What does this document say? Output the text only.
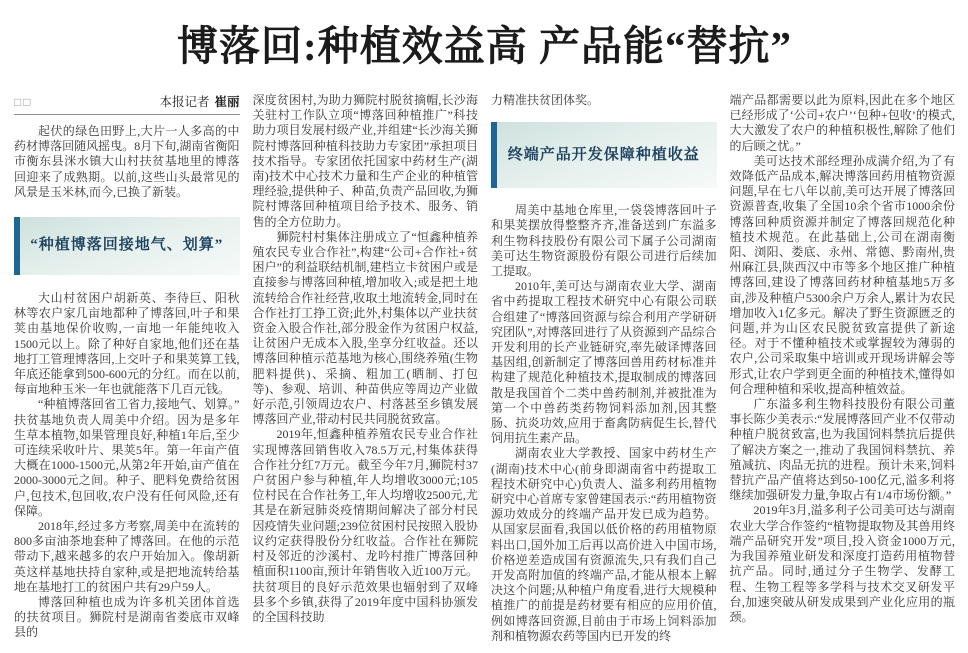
博落回:种植效益高 产品能“替抗”
□□	本报记者 崔丽

起伏的绿色田野上,大片一人多高的中药材博落回随风摇曳。8月下旬,湖南省衡阳市衡东县洣水镇大山村扶贫基地里的博落回迎来了成熟期。以前,这些山头最常见的风景是玉米林,而今,已换了新装。

“种植博落回接地气、划算”

大山村贫困户胡新英、李待巨、阳秋林等农户家几亩地都种了博落回,叶子和果荚由基地保价收购,一亩地一年能纯收入1500元以上。除了种好自家地,他们还在基地打工管理博落回,上交叶子和果荚算工钱,年底还能拿到500-600元的分红。而在以前,每亩地种玉米一年也就能落下几百元钱。

“种植博落回省工省力,接地气、划算。”扶贫基地负责人周美中介绍。因为是多年生草本植物,如果管理良好,种植1年后,至少可连续采收叶片、果荚5年。第一年亩产值大概在1000-1500元,从第2年开始,亩产值在2000-3000元之间。种子、肥料免费给贫困户,包技术,包回收,农户没有任何风险,还有保障。

2018年,经过多方考察,周美中在流转的800多亩油茶地套种了博落回。在他的示范带动下,越来越多的农户开始加入。像胡新英这样基地扶持自家种,或是把地流转给基地在基地打工的贫困户共有29户59人。

博落回种植也成为许多机关团体首选的扶贫项目。狮院村是湖南省娄底市双峰县的

深度贫困村,为助力狮院村脱贫摘帽,长沙海关驻村工作队立项“博落回种植推广”科技助力项目发展村级产业,并组建“长沙海关狮院村博落回种植科技助力专家团”承担项目技术指导。专家团依托国家中药材生产(湖南)技术中心技术力量和生产企业的种植管理经验,提供种子、种苗,负责产品回收,为狮院村博落回种植项目给予技术、服务、销售的全方位助力。

狮院村村集体注册成立了“恒鑫种植养殖农民专业合作社”,构建“公司+合作社+贫困户”的利益联结机制,建档立卡贫困户或是直接参与博落回种植,增加收入;或是把土地流转给合作社经营,收取土地流转金,同时在合作社打工挣工资;此外,村集体以产业扶贫资金入股合作社,部分股金作为贫困户权益,让贫困户无成本入股,坐享分红收益。还以博落回种植示范基地为核心,围绕养殖(生物肥料提供)、采摘、粗加工(晒制、打包等)、参观、培训、种苗供应等周边产业做好示范,引领周边农户、村落甚至乡镇发展博落回产业,带动村民共同脱贫致富。

2019年,恒鑫种植养殖农民专业合作社实现博落回销售收入78.5万元,村集体获得合作社分红7万元。截至今年7月,狮院村37户贫困户参与种植,年人均增收3000元;105位村民在合作社务工,年人均增收2500元,尤其是在新冠肺炎疫情期间解决了部分村民因疫情失业问题;239位贫困村民按照入股协议约定获得股份分红收益。合作社在狮院村及邻近的沙溪村、龙吟村推广博落回种植面积1100亩,预计年销售收入近100万元。扶贫项目的良好示范效果也辐射到了双峰县多个乡镇,获得了2019年度中国科协颁发的全国科技助

力精准扶贫团体奖。

终端产品开发保障种植收益

周美中基地仓库里,一袋袋博落回叶子和果荚摆放得整整齐齐,准备送到广东溢多利生物科技股份有限公司下属子公司湖南美可达生物资源股份有限公司进行后续加工提取。

2010年,美可达与湖南农业大学、湖南省中药提取工程技术研究中心有限公司联合组建了“博落回资源与综合利用产学研研究团队”,对博落回进行了从资源到产品综合开发利用的长产业链研究,率先破译博落回基因组,创新制定了博落回兽用药材标准并构建了规范化种植技术,提取制成的博落回散是我国首个二类中兽药制剂,并被批准为第一个中兽药类药物饲料添加剂,因其整肠、抗炎功效,应用于畜禽防病促生长,替代饲用抗生素产品。

湖南农业大学教授、国家中药材生产(湖南)技术中心(前身即湖南省中药提取工程技术研究中心)负责人、溢多利药用植物研究中心首席专家曾建国表示:“药用植物资源功效成分的终端产品开发已成为趋势。从国家层面看,我国以低价格的药用植物原料出口,国外加工后再以高价进入中国市场,价格逆差造成国有资源流失,只有我们自己开发高附加值的终端产品,才能从根本上解决这个问题;从种植户角度看,进行大规模种植推广的前提是药材要有相应的应用价值,例如博落回资源,目前由于市场上饲料添加剂和植物源农药等国内已开发的终

端产品都需要以此为原料,因此在多个地区已经形成了‘公司+农户’‘包种+包收’的模式,大大激发了农户的种植积极性,解除了他们的后顾之忧。”

美可达技术部经理孙成满介绍,为了有效降低产品成本,解决博落回药用植物资源问题,早在七八年以前,美可达开展了博落回资源普查,收集了全国10余个省市1000余份博落回种质资源并制定了博落回规范化种植技术规范。在此基础上,公司在湖南衡阳、浏阳、娄底、永州、常德、黔南州,贵州麻江县,陕西汉中市等多个地区推广种植博落回,建设了博落回药材种植基地5万多亩,涉及种植户5300余户万余人,累计为农民增加收入1亿多元。解决了野生资源匮乏的问题,并为山区农民脱贫致富提供了新途径。对于不懂种植技术或掌握较为薄弱的农户,公司采取集中培训或开现场讲解会等形式,让农户学到更全面的种植技术,懂得如何合理种植和采收,提高种植效益。

广东溢多利生物科技股份有限公司董事长陈少美表示:“发展博落回产业不仅带动种植户脱贫致富,也为我国饲料禁抗后提供了解决方案之一,推动了我国饲料禁抗、养殖减抗、肉品无抗的进程。预计未来,饲料替抗产品产值将达到50-100亿元,溢多利将继续加强研发力量,争取占有1/4市场份额。”

2019年3月,溢多利子公司美可达与湖南农业大学合作签约“植物提取物及其兽用终端产品研究开发”项目,投入资金1000万元,为我国养殖业研发和深度打造药用植物替抗产品。同时,通过分子生物学、发酵工程、生物工程等多学科与技术交叉研发平台,加速突破从研发成果到产业化应用的瓶颈。
